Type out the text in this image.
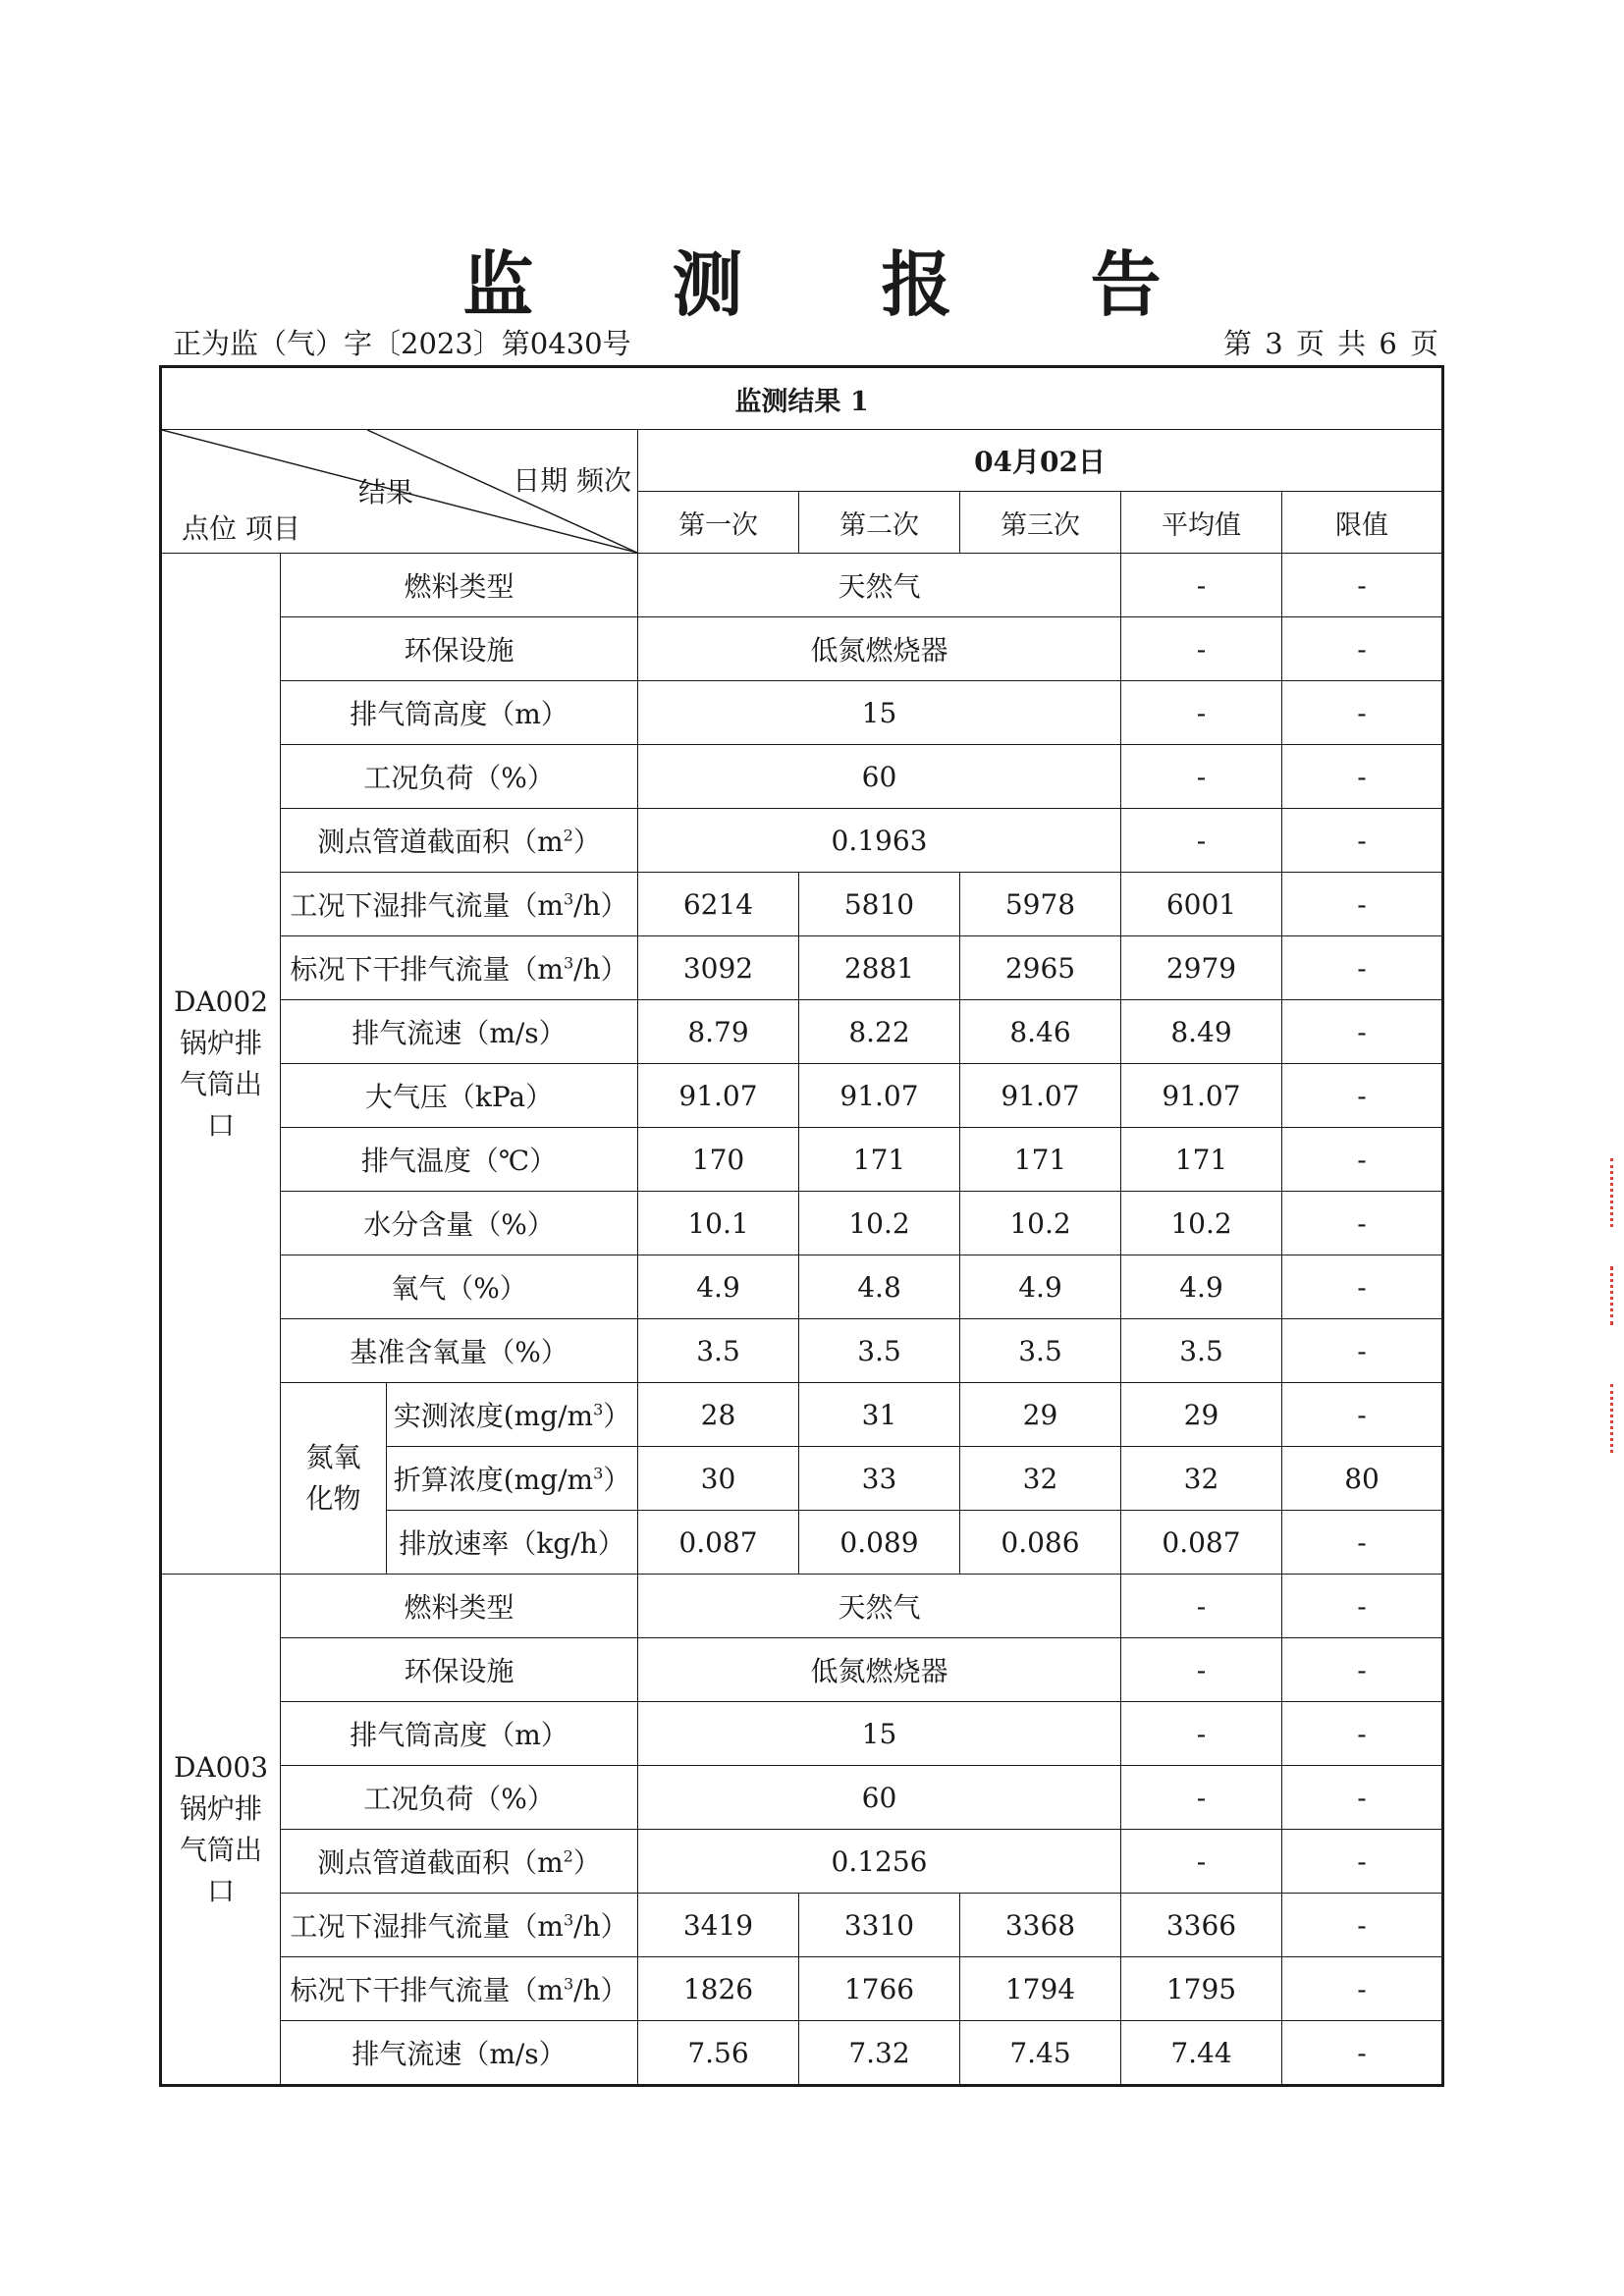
监 测 报 告
正为监（气）字〔2023〕第0430号	第 3 页 共 6 页
监测结果 1							

结果 日期 频次
点位 项目			04月02日				
			第一次	第二次	第三次	平均值	限值

DA002
锅炉排
气筒出
口	燃料类型		天然气			-	-
	环保设施		低氮燃烧器			-	-
	排气筒高度（m）		15			-	-
	工况负荷（%）		60			-	-
	测点管道截面积$(m^2)$		0.1963			-	-
	工况下湿排气流量$(m^3/h)$		6214	5810	5978	6001	-
	标况下干排气流量$(m^3/h)$		3092	2881	2965	2979	-
	排气流速（m/s）		8.79	8.22	8.46	8.49	-
	大气压（kPa）		91.07	91.07	91.07	91.07	-
	排气温度（℃）		170	171	171	171	-
	水分含量（%）		10.1	10.2	10.2	10.2	-
	氧气（%）		4.9	4.8	4.9	4.9	-
	基准含氧量（%）		3.5	3.5	3.5	3.5	-

	氮氧
化物	实测浓度$(mg/m^3)$	28	31	29	29	-
		折算浓度$(mg/m^3)$	30	33	32	32	80
		排放速率（kg/h）	0.087	0.089	0.086	0.087	-

DA003
锅炉排
气筒出
口	燃料类型		天然气			-	-
	环保设施		低氮燃烧器			-	-
	排气筒高度（m）		15			-	-
	工况负荷（%）		60			-	-
	测点管道截面积$(m^2)$		0.1256			-	-
	工况下湿排气流量$(m^3/h)$		3419	3310	3368	3366	-
	标况下干排气流量$(m^3/h)$		1826	1766	1794	1795	-
	排气流速（m/s）		7.56	7.32	7.45	7.44	-
